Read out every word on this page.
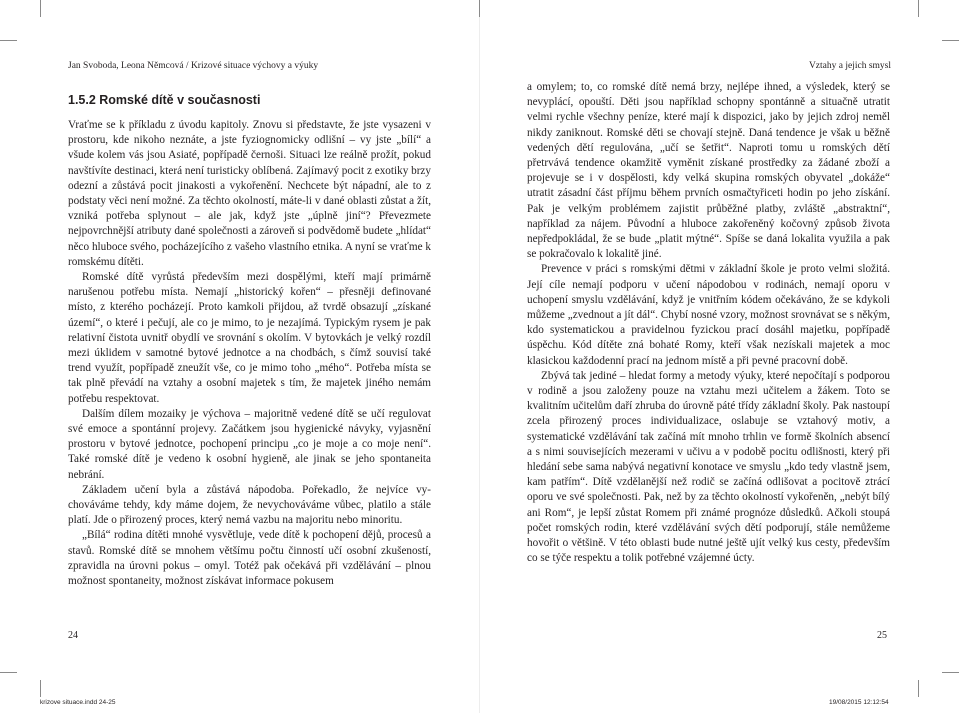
Jan Svoboda, Leona Němcová / Krizové situace výchovy a výuky	Vztahy a jejich smysl
1.5.2 Romské dítě v současnosti

Vraťme se k příkladu z úvodu kapitoly. Znovu si představte, že jste vysazeni v prostoru, kde nikoho neznáte, a jste fyziognomicky odlišní – vy jste „bílí“ a všude kolem vás jsou Asiaté, popřípadě černoši. Situaci lze reálně prožít, pokud navštívíte destinaci, která není turisticky oblíbená. Zajímavý pocit z exotiky brzy odezní a zůstává pocit jinakosti a vykořenění. Nechcete být nápadní, ale to z podstaty věci není možné. Za těchto okolností, máte-li v dané oblasti zůstat a žít, vzniká potřeba splynout – ale jak, když jste „úplně jiní“? Převezmete nejpovrchnější atributy dané společnosti a zároveň si podvědomě budete „hlídat“ něco hluboce svého, pocházejícího z vašeho vlastního etnika. A nyní se vraťme k romskému dítěti.

Romské dítě vyrůstá především mezi dospělými, kteří mají primárně narušenou potřebu místa. Nemají „historický kořen“ – přesněji definované místo, z kterého pocházejí. Proto kamkoli přijdou, až tvrdě obsazují „získané území“, o které i pečují, ale co je mimo, to je nezajímá. Typickým rysem je pak relativní čistota uvnitř obydlí ve srovnání s okolím. V bytovkách je velký rozdíl mezi úklidem v samotné bytové jednotce a na chodbách, s čímž souvisí také trend využít, popřípadě zneužít vše, co je mimo toho „mého“. Potřeba místa se tak plně převádí na vztahy a osobní majetek s tím, že majetek jiného nemám potřebu respektovat.

Dalším dílem mozaiky je výchova – majoritně vedené dítě se učí regulovat své emoce a spontánní projevy. Začátkem jsou hygienické návyky, vyjasnění prostoru v bytové jednotce, pochopení principu „co je moje a co moje není“. Také romské dítě je vedeno k osobní hygieně, ale jinak se jeho spontaneita nebrání.

Základem učení byla a zůstává nápodoba. Pořekadlo, že nejvíce vychováváme tehdy, kdy máme dojem, že nevychováváme vůbec, platilo a stále platí. Jde o přirozený proces, který nemá vazbu na majoritu nebo minoritu.

„Bílá“ rodina dítěti mnohé vysvětluje, vede dítě k pochopení dějů, procesů a stavů. Romské dítě se mnohem většímu počtu činností učí osobní zkušeností, zpravidla na úrovni pokus – omyl. Totéž pak očekává při vzdělávání – plnou možnost spontaneity, možnost získávat informace pokusem

a omylem; to, co romské dítě nemá brzy, nejlépe ihned, a výsledek, který se nevyplácí, opouští. Děti jsou například schopny spontánně a situačně utratit velmi rychle všechny peníze, které mají k dispozici, jako by jejich zdroj neměl nikdy zaniknout. Romské děti se chovají stejně. Daná tendence je však u běžně vedených dětí regulována, „učí se šetřit“. Naproti tomu u romských dětí přetrvává tendence okamžitě vyměnit získané prostředky za žádané zboží a projevuje se i v dospělosti, kdy velká skupina romských obyvatel „dokáže“ utratit zásadní část příjmu během prvních osmačtyřiceti hodin po jeho získání. Pak je velkým problémem zajistit průběžné platby, zvláště „abstraktní“, například za nájem. Původní a hluboce zakořeněný kočovný způsob života nepředpokládal, že se bude „platit mýtné“. Spíše se daná lokalita využila a pak se pokračovalo k lokalitě jiné.

Prevence v práci s romskými dětmi v základní škole je proto velmi složitá. Její cíle nemají podporu v učení nápodobou v rodinách, nemají oporu v uchopení smyslu vzdělávání, když je vnitřním kódem očekáváno, že se kdykoli můžeme „zvednout a jít dál“. Chybí nosné vzory, možnost srovnávat se s někým, kdo systematickou a pravidelnou fyzickou prací dosáhl majetku, popřípadě úspěchu. Kód dítěte zná bohaté Romy, kteří však nezískali majetek a moc klasickou každodenní prací na jednom místě a při pevné pracovní době.

Zbývá tak jediné – hledat formy a metody výuky, které nepočítají s podporou v rodině a jsou založeny pouze na vztahu mezi učitelem a žákem. Toto se kvalitním učitelům daří zhruba do úrovně páté třídy základní školy. Pak nastoupí zcela přirozený proces individualizace, oslabuje se vztahový motiv, a systematické vzdělávání tak začíná mít mnoho trhlin ve formě školních absencí a s nimi souvisejících mezerami v učivu a v podobě pocitu odlišnosti, který při hledání sebe sama nabývá negativní konotace ve smyslu „kdo tedy vlastně jsem, kam patřím“. Dítě vzdělanější než rodič se začíná odlišovat a pocitově ztrácí oporu ve své společnosti. Pak, než by za těchto okolností vykořeněn, „nebýt bílý ani Rom“, je lepší zůstat Romem při známé prognóze důsledků. Ačkoli stoupá počet romských rodin, které vzdělávání svých dětí podporují, stále nemůžeme hovořit o většině. V této oblasti bude nutné ještě ujít velký kus cesty, především co se týče respektu a tolik potřebné vzájemné úcty.

24	25
krizove situace.indd 24-25	19/08/2015 12:12:54
